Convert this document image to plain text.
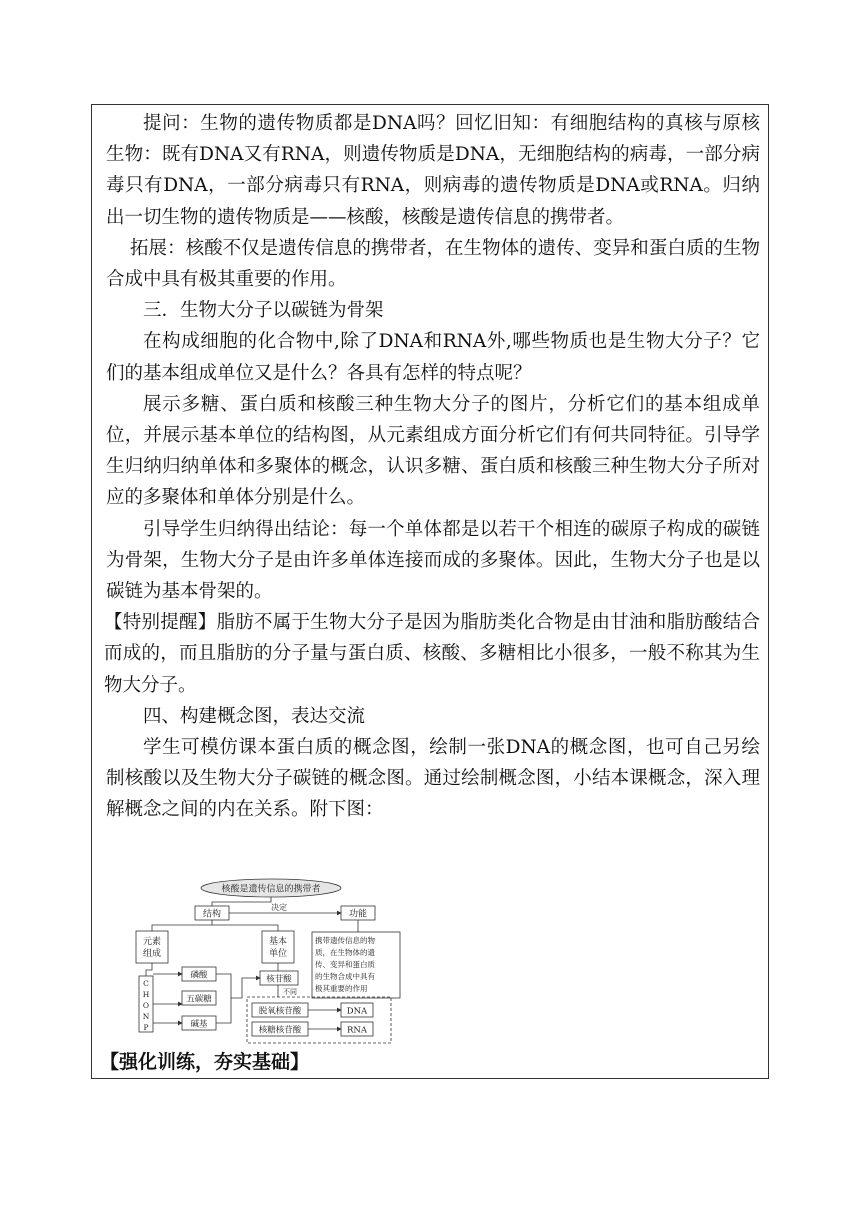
提问：生物的遗传物质都是DNA吗？回忆旧知：有细胞结构的真核与原核生物：既有DNA又有RNA，则遗传物质是DNA，无细胞结构的病毒，一部分病毒只有DNA，一部分病毒只有RNA，则病毒的遗传物质是DNA或RNA。归纳出一切生物的遗传物质是——核酸，核酸是遗传信息的携带者。

拓展：核酸不仅是遗传信息的携带者，在生物体的遗传、变异和蛋白质的生物合成中具有极其重要的作用。

三．生物大分子以碳链为骨架

在构成细胞的化合物中,除了DNA和RNA外,哪些物质也是生物大分子？它们的基本组成单位又是什么？各具有怎样的特点呢？

展示多糖、蛋白质和核酸三种生物大分子的图片，分析它们的基本组成单位，并展示基本单位的结构图，从元素组成方面分析它们有何共同特征。引导学生归纳归纳单体和多聚体的概念，认识多糖、蛋白质和核酸三种生物大分子所对应的多聚体和单体分别是什么。

引导学生归纳得出结论：每一个单体都是以若干个相连的碳原子构成的碳链为骨架，生物大分子是由许多单体连接而成的多聚体。因此，生物大分子也是以碳链为基本骨架的。

【特别提醒】脂肪不属于生物大分子是因为脂肪类化合物是由甘油和脂肪酸结合而成的，而且脂肪的分子量与蛋白质、核酸、多糖相比小很多，一般不称其为生物大分子。

四、构建概念图，表达交流

学生可模仿课本蛋白质的概念图，绘制一张DNA的概念图，也可自己另绘制核酸以及生物大分子碳链的概念图。通过绘制概念图，小结本课概念，深入理解概念之间的内在关系。附下图：

核酸是遗传信息的携带者
结构
决定
功能
元素
组成
基本
单位
携带遗传信息的物
质，在生物体的遗
传、变异和蛋白质
的生物合成中具有
极其重要的作用
C
H
O
N
P
磷酸
五碳糖
碱基
核苷酸
不同
脱氧核苷酸
核糖核苷酸
DNA
RNA
【强化训练，夯实基础】
